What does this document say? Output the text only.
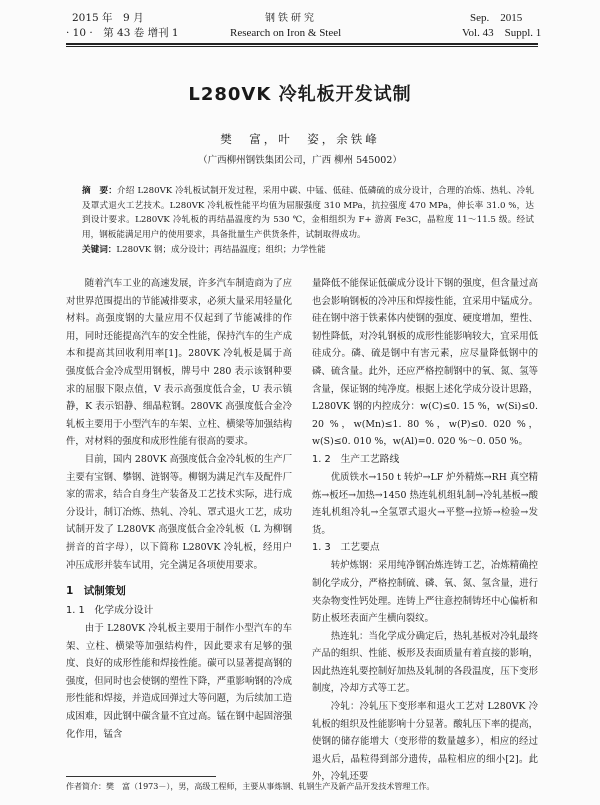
2015 年　9 月
· 10 ·　第 43 卷 增刊 1
钢铁研究
Research on Iron & Steel
Sep.　2015
Vol. 43　Suppl. 1
L280VK 冷轧板开发试制
樊　富，叶　姿，余铁峰
（广西柳州钢铁集团公司，广西 柳州 545002）
摘　要：介绍 L280VK 冷轧板试制开发过程，采用中碳、中锰、低硅、低磷硫的成分设计，合理的冶炼、热轧、冷轧及罩式退火工艺技术。L280VK 冷轧板性能平均值为屈服强度 310 MPa，抗拉强度 470 MPa，伸长率 31.0 %，达到设计要求。L280VK 冷轧板的再结晶温度约为 530 ℃，金相组织为 F+ 游离 Fe3C，晶粒度 11～11.5 级。经试用，钢板能满足用户的使用要求，具备批量生产供货条件，试制取得成功。
关键词：L280VK 钢；成分设计；再结晶温度；组织；力学性能

随着汽车工业的高速发展，许多汽车制造商为了应对世界范围提出的节能减排要求，必须大量采用轻量化材料。高强度钢的大量应用不仅起到了节能减排的作用，同时还能提高汽车的安全性能，保持汽车的生产成本和提高其回收利用率[1]。280VK 冷轧板是属于高强度低合金冷成型用钢板，牌号中 280 表示该钢种要求的屈服下限点值，V 表示高强度低合金，U 表示镇静，K 表示铝静、细晶粒钢。280VK 高强度低合金冷轧板主要用于小型汽车的车架、立柱、横梁等加强结构件，对材料的强度和成形性能有很高的要求。

目前，国内 280VK 高强度低合金冷轧板的生产厂主要有宝钢、攀钢、涟钢等。柳钢为满足汽车及配件厂家的需求，结合自身生产装备及工艺技术实际，进行成分设计，制订冶炼、热轧、冷轧、罩式退火工艺，成功试制开发了 L280VK 高强度低合金冷轧板（L 为柳钢拼音的首字母），以下简称 L280VK 冷轧板，经用户冲压成形并装车试用，完全满足各项使用要求。

1　试制策划
1. 1　化学成分设计

由于 L280VK 冷轧板主要用于制作小型汽车的车架、立柱、横梁等加强结构件，因此要求有足够的强度、良好的成形性能和焊接性能。碳可以显著提高钢的强度，但同时也会使钢的塑性下降，严重影响钢的冷成形性能和焊接，并造成回弹过大等问题，为后续加工造成困难，因此钢中碳含量不宜过高。锰在钢中起固溶强化作用，锰含

量降低不能保证低碳成分设计下钢的强度，但含量过高也会影响钢板的冷冲压和焊接性能，宜采用中锰成分。硅在钢中溶于铁素体内使钢的强度、硬度增加，塑性、韧性降低，对冷轧钢板的成形性能影响较大，宜采用低硅成分。磷、硫是钢中有害元素，应尽量降低钢中的磷、硫含量。此外，还应严格控制钢中的氧、氮、氢等含量，保证钢的纯净度。根据上述化学成分设计思路，L280VK 钢的内控成分：w(C)≤0. 15 %，w(Si)≤0. 20 %，w(Mn)≤1. 80 %，w(P)≤0. 020 %，w(S)≤0. 010 %，w(Al)=0. 020 %～0. 050 %。

1. 2　生产工艺路线

优质铁水→150 t 转炉→LF 炉外精炼→RH 真空精炼→板坯→加热→1450 热连轧机组轧制→冷轧基板→酸连轧机组冷轧→全氢罩式退火→平整→拉矫→检验→发货。

1. 3　工艺要点

转炉炼钢：采用纯净钢冶炼连铸工艺，冶炼精确控制化学成分，严格控制硫、磷、氧、氮、氢含量，进行夹杂物变性钙处理。连铸上严往意控制铸坯中心偏析和防止板坯表面产生横向裂纹。

热连轧：当化学成分确定后，热轧基板对冷轧最终产品的组织、性能、板形及表面质量有着直接的影响，因此热连轧要控制好加热及轧制的各段温度，压下变形制度，冷却方式等工艺。

冷轧：冷轧压下变形率和退火工艺对 L280VK 冷轧板的组织及性能影响十分显著。酸轧压下率的提高，使钢的储存能增大（变形带的数量越多），相应的经过退火后，晶粒得到部分遗传，晶粒相应的细小[2]。此外，冷轧还要

作者简介：樊　富（1973－），男，高级工程师，主要从事炼钢、轧钢生产及新产品开发技术管理工作。
